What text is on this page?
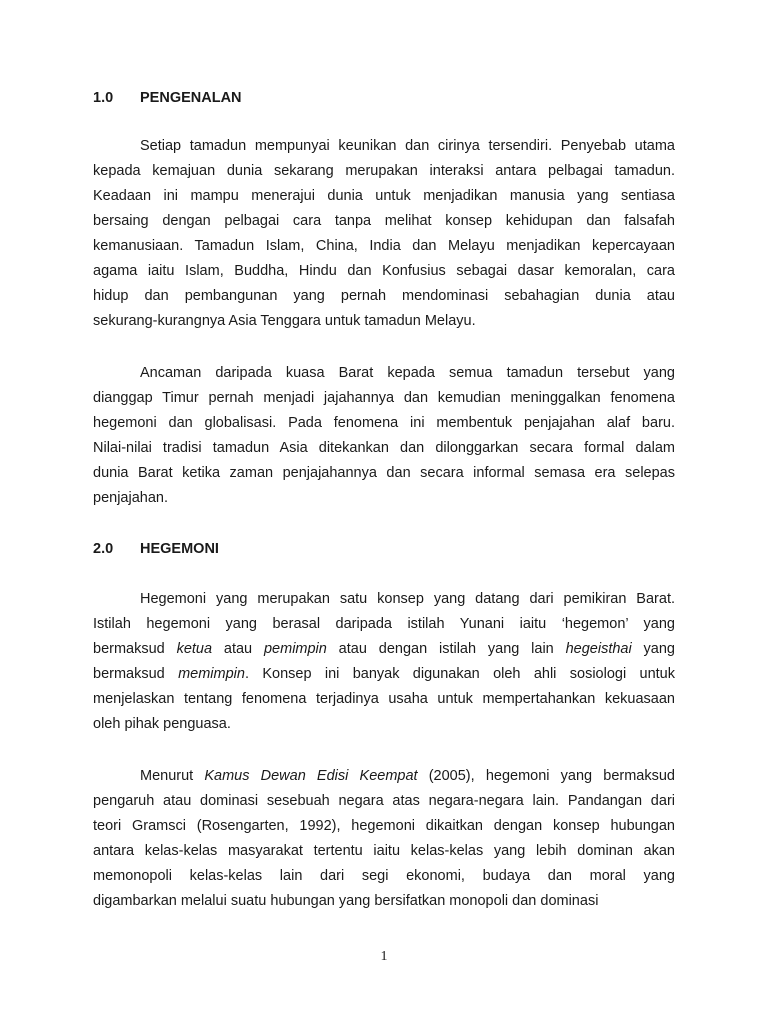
1.0 PENGENALAN
Setiap tamadun mempunyai keunikan dan cirinya tersendiri. Penyebab utama
kepada kemajuan dunia sekarang merupakan interaksi antara pelbagai tamadun.
Keadaan ini mampu menerajui dunia untuk menjadikan manusia yang sentiasa
bersaing dengan pelbagai cara tanpa melihat konsep kehidupan dan falsafah
kemanusiaan. Tamadun Islam, China, India dan Melayu menjadikan kepercayaan
agama iaitu Islam, Buddha, Hindu dan Konfusius sebagai dasar kemoralan, cara
hidup dan pembangunan yang pernah mendominasi sebahagian dunia atau
sekurang-kurangnya Asia Tenggara untuk tamadun Melayu.
Ancaman daripada kuasa Barat kepada semua tamadun tersebut yang
dianggap Timur pernah menjadi jajahannya dan kemudian meninggalkan fenomena
hegemoni dan globalisasi. Pada fenomena ini membentuk penjajahan alaf baru.
Nilai-nilai tradisi tamadun Asia ditekankan dan dilonggarkan secara formal dalam
dunia Barat ketika zaman penjajahannya dan secara informal semasa era selepas
penjajahan.
2.0 HEGEMONI
Hegemoni yang merupakan satu konsep yang datang dari pemikiran Barat.
Istilah hegemoni yang berasal daripada istilah Yunani iaitu ‘hegemon’ yang
bermaksud ketua atau pemimpin atau dengan istilah yang lain hegeisthai yang
bermaksud memimpin. Konsep ini banyak digunakan oleh ahli sosiologi untuk
menjelaskan tentang fenomena terjadinya usaha untuk mempertahankan kekuasaan
oleh pihak penguasa.
Menurut Kamus Dewan Edisi Keempat (2005), hegemoni yang bermaksud
pengaruh atau dominasi sesebuah negara atas negara-negara lain. Pandangan dari
teori Gramsci (Rosengarten, 1992), hegemoni dikaitkan dengan konsep hubungan
antara kelas-kelas masyarakat tertentu iaitu kelas-kelas yang lebih dominan akan
memonopoli kelas-kelas lain dari segi ekonomi, budaya dan moral yang
digambarkan melalui suatu hubungan yang bersifatkan monopoli dan dominasi
1
